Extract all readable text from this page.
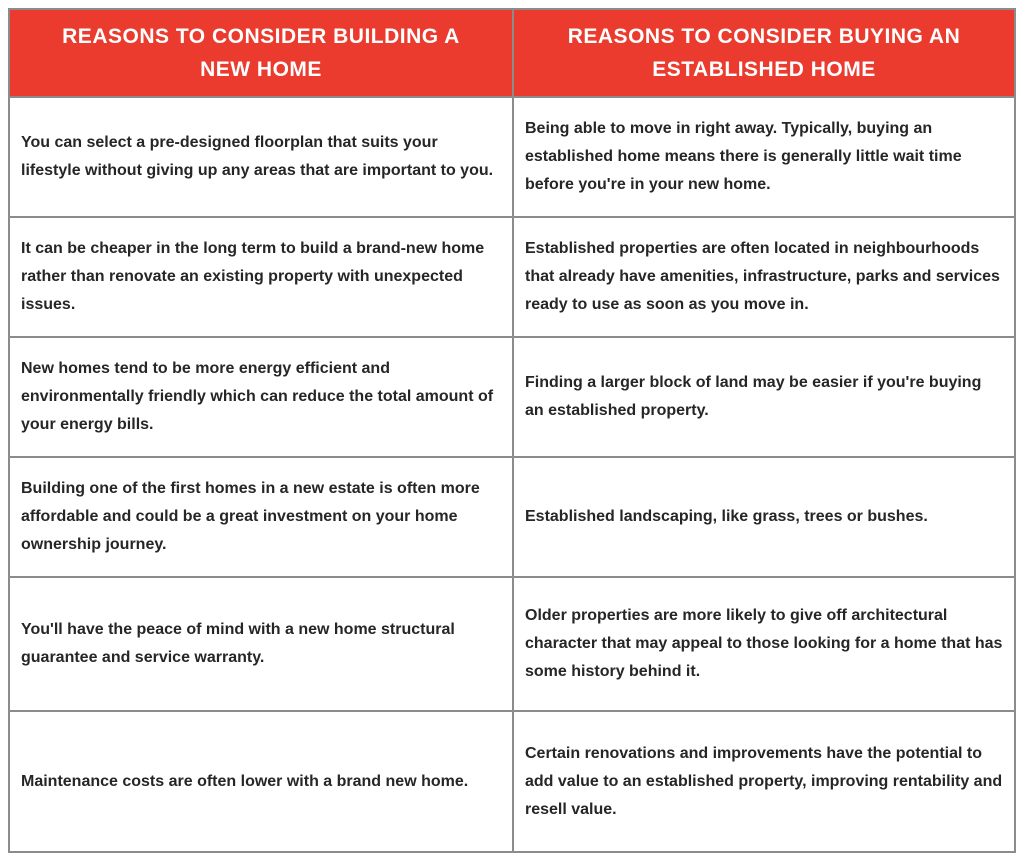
REASONS TO CONSIDER BUILDING A NEW HOME
REASONS TO CONSIDER BUYING AN ESTABLISHED HOME
You can select a pre-designed floorplan that suits your lifestyle without giving up any areas that are important to you.
Being able to move in right away. Typically, buying an established home means there is generally little wait time before you're in your new home.
It can be cheaper in the long term to build a brand-new home rather than renovate an existing property with unexpected issues.
Established properties are often located in neighbourhoods that already have amenities, infrastructure, parks and services ready to use as soon as you move in.
New homes tend to be more energy efficient and environmentally friendly which can reduce the total amount of your energy bills.
Finding a larger block of land may be easier if you're buying an established property.
Building one of the first homes in a new estate is often more affordable and could be a great investment on your home ownership journey.
Established landscaping, like grass, trees or bushes.
You'll have the peace of mind with a new home structural guarantee and service warranty.
Older properties are more likely to give off architectural character that may appeal to those looking for a home that has some history behind it.
Maintenance costs are often lower with a brand new home.
Certain renovations and improvements have the potential to add value to an established property, improving rentability and resell value.
